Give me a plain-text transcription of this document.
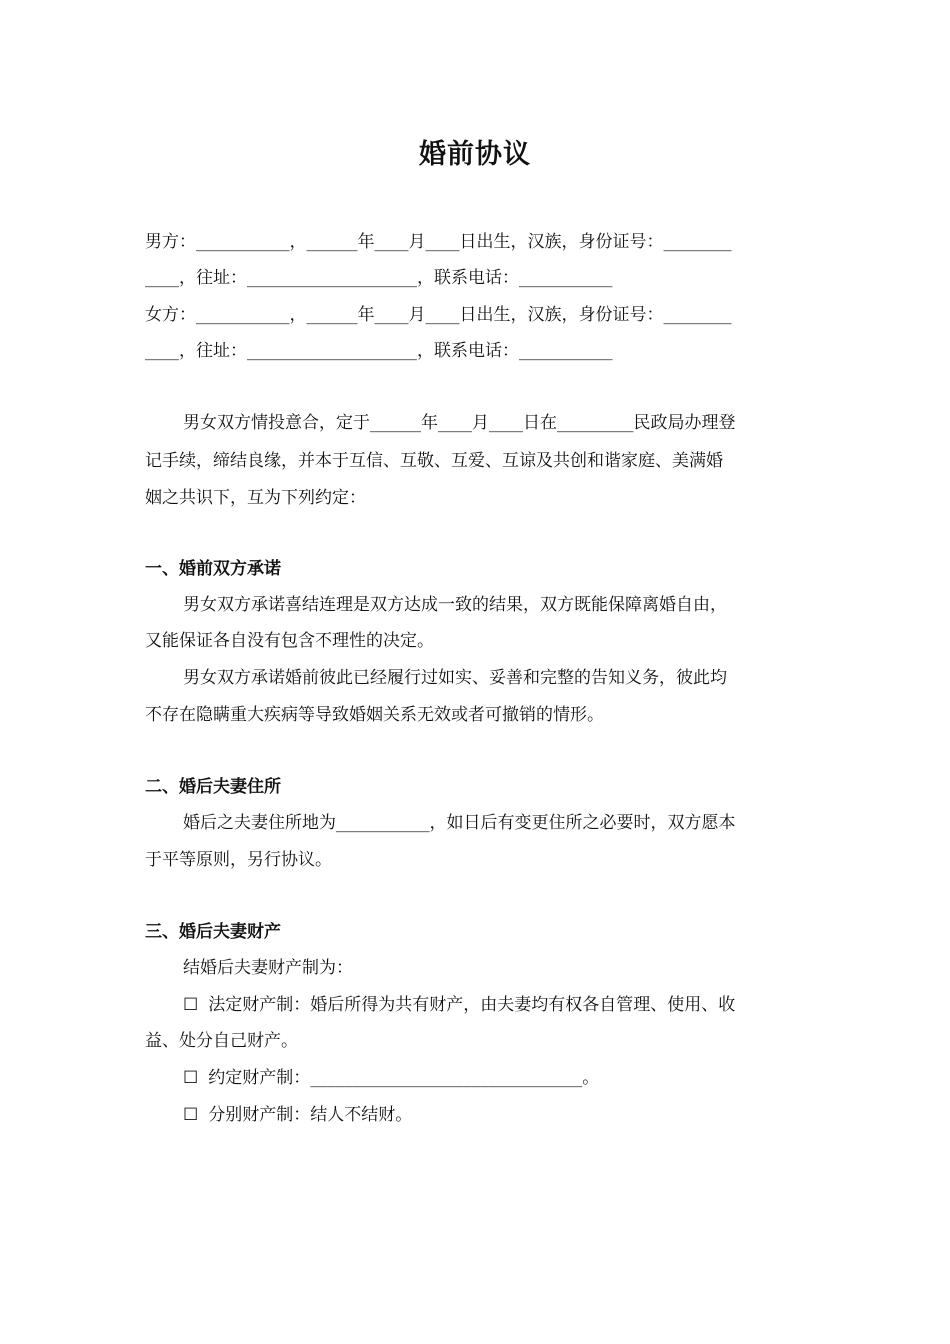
婚前协议
男方：___________，______年____月____日出生，汉族，身份证号：________
____，往址：____________________，联系电话：___________
女方：___________，______年____月____日出生，汉族，身份证号：________
____，往址：____________________，联系电话：___________
男女双方情投意合，定于______年____月____日在_________民政局办理登
记手续，缔结良缘，并本于互信、互敬、互爱、互谅及共创和谐家庭、美满婚
姻之共识下，互为下列约定：
一、婚前双方承诺
男女双方承诺喜结连理是双方达成一致的结果，双方既能保障离婚自由，
又能保证各自没有包含不理性的决定。
男女双方承诺婚前彼此已经履行过如实、妥善和完整的告知义务，彼此均
不存在隐瞒重大疾病等导致婚姻关系无效或者可撤销的情形。
二、婚后夫妻住所
婚后之夫妻住所地为___________，如日后有变更住所之必要时，双方愿本
于平等原则，另行协议。
三、婚后夫妻财产
结婚后夫妻财产制为：
☐ 法定财产制：婚后所得为共有财产，由夫妻均有权各自管理、使用、收
益、处分自己财产。
☐ 约定财产制：________________________________。
☐ 分别财产制：结人不结财。
